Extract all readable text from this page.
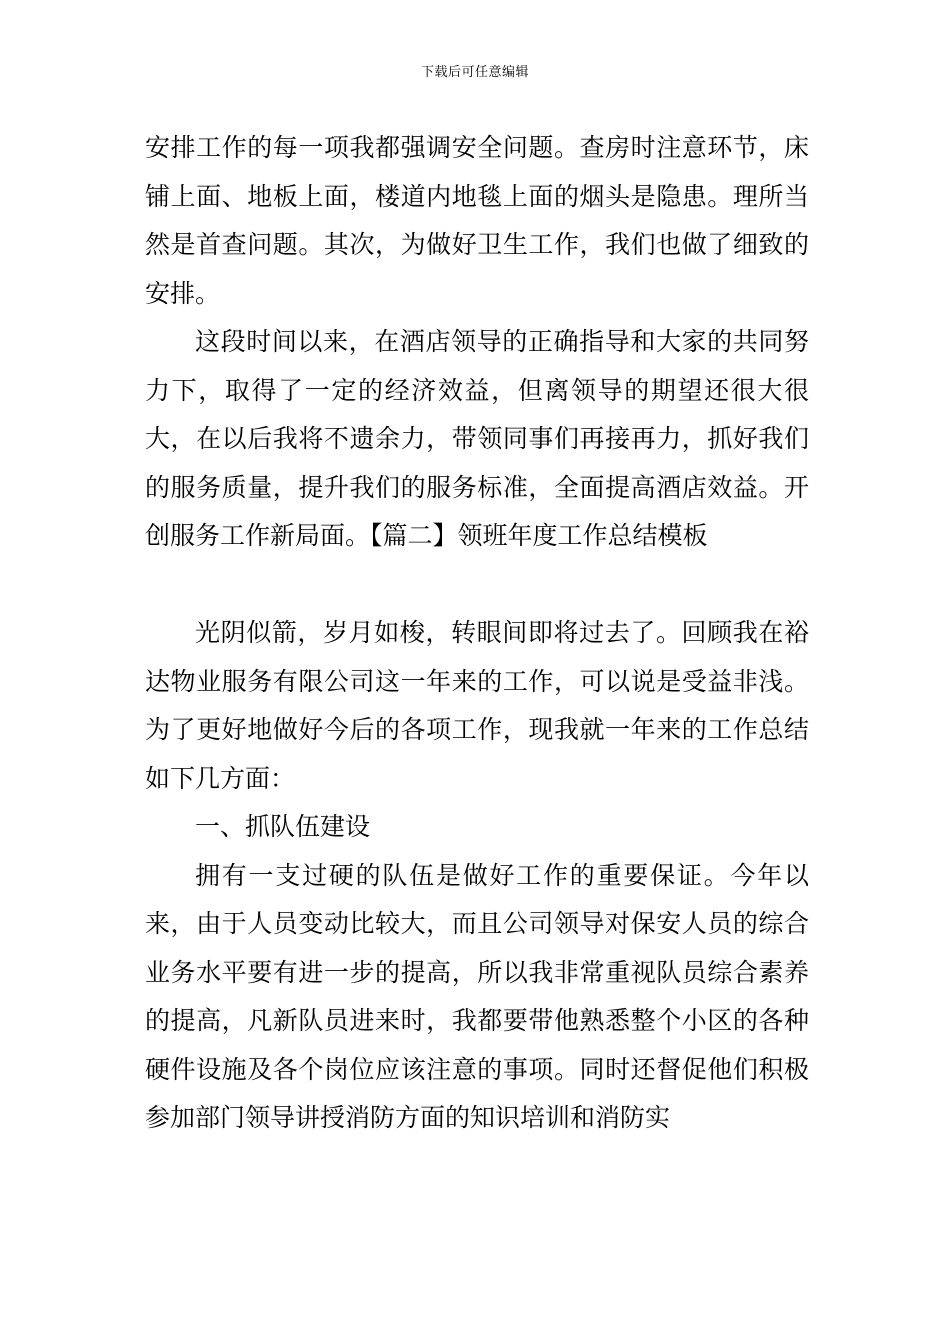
下载后可任意编辑

安排工作的每一项我都强调安全问题。查房时注意环节，床铺上面、地板上面，楼道内地毯上面的烟头是隐患。理所当然是首查问题。其次，为做好卫生工作，我们也做了细致的安排。

这段时间以来，在酒店领导的正确指导和大家的共同努力下，取得了一定的经济效益，但离领导的期望还很大很大，在以后我将不遗余力，带领同事们再接再力，抓好我们的服务质量，提升我们的服务标准，全面提高酒店效益。开创服务工作新局面。【篇二】领班年度工作总结模板

光阴似箭，岁月如梭，转眼间即将过去了。回顾我在裕达物业服务有限公司这一年来的工作，可以说是受益非浅。为了更好地做好今后的各项工作，现我就一年来的工作总结如下几方面：

一、抓队伍建设

拥有一支过硬的队伍是做好工作的重要保证。今年以来，由于人员变动比较大，而且公司领导对保安人员的综合业务水平要有进一步的提高，所以我非常重视队员综合素养的提高，凡新队员进来时，我都要带他熟悉整个小区的各种硬件设施及各个岗位应该注意的事项。同时还督促他们积极参加部门领导讲授消防方面的知识培训和消防实
